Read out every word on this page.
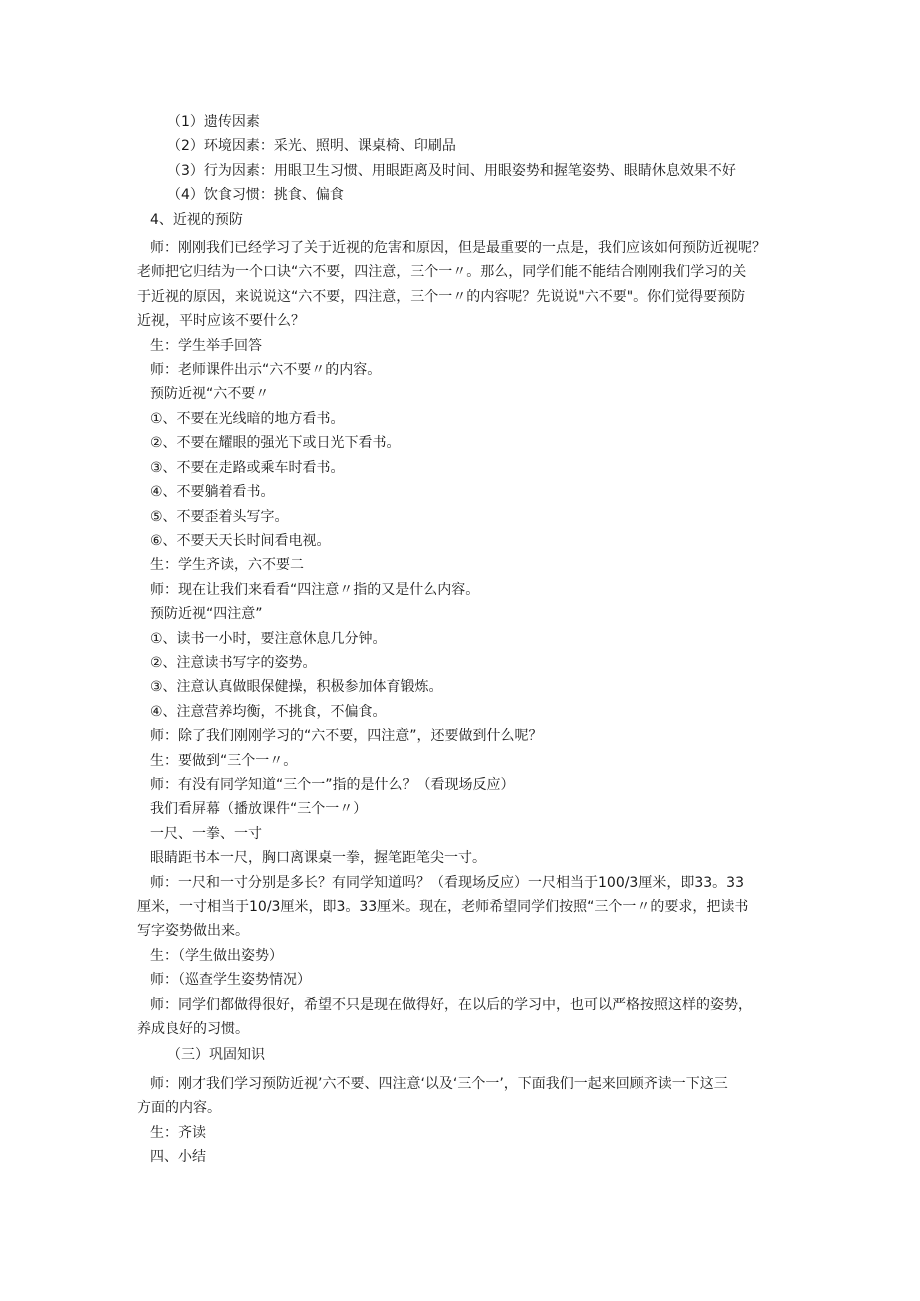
（1）遗传因素
（2）环境因素：采光、照明、课桌椅、印刷品
（3）行为因素：用眼卫生习惯、用眼距离及时间、用眼姿势和握笔姿势、眼睛休息效果不好
（4）饮食习惯：挑食、偏食
4、近视的预防
师：刚刚我们已经学习了关于近视的危害和原因，但是最重要的一点是，我们应该如何预防近视呢？
老师把它归结为一个口诀“六不要，四注意，三个一〃。那么，同学们能不能结合刚刚我们学习的关
于近视的原因，来说说这“六不要，四注意，三个一〃的内容呢？先说说"六不要"。你们觉得要预防
近视，平时应该不要什么？
生：学生举手回答
师：老师课件出示“六不要〃的内容。
预防近视“六不要〃
①、不要在光线暗的地方看书。
②、不要在耀眼的强光下或日光下看书。
③、不要在走路或乘车时看书。
④、不要躺着看书。
⑤、不要歪着头写字。
⑥、不要天天长时间看电视。
生：学生齐读，六不要二
师：现在让我们来看看“四注意〃指的又是什么内容。
预防近视“四注意”
①、读书一小时，要注意休息几分钟。
②、注意读书写字的姿势。
③、注意认真做眼保健操，积极参加体育锻炼。
④、注意营养均衡，不挑食，不偏食。
师：除了我们刚刚学习的“六不要，四注意”，还要做到什么呢？
生：要做到“三个一〃。
师：有没有同学知道“三个一”指的是什么？（看现场反应）
我们看屏幕（播放课件“三个一〃）
一尺、一拳、一寸
眼睛距书本一尺，胸口离课桌一拳，握笔距笔尖一寸。
师：一尺和一寸分别是多长？有同学知道吗？（看现场反应）一尺相当于100/3厘米，即33。33
厘米，一寸相当于10/3厘米，即3。33厘米。现在，老师希望同学们按照“三个一〃的要求，把读书
写字姿势做出来。
生：（学生做出姿势）
师：（巡查学生姿势情况）
师：同学们都做得很好，希望不只是现在做得好，在以后的学习中，也可以严格按照这样的姿势，
养成良好的习惯。
（三）巩固知识
师：刚才我们学习预防近视’六不要、四注意‘以及‘三个一’，下面我们一起来回顾齐读一下这三
方面的内容。
生：齐读
四、小结
